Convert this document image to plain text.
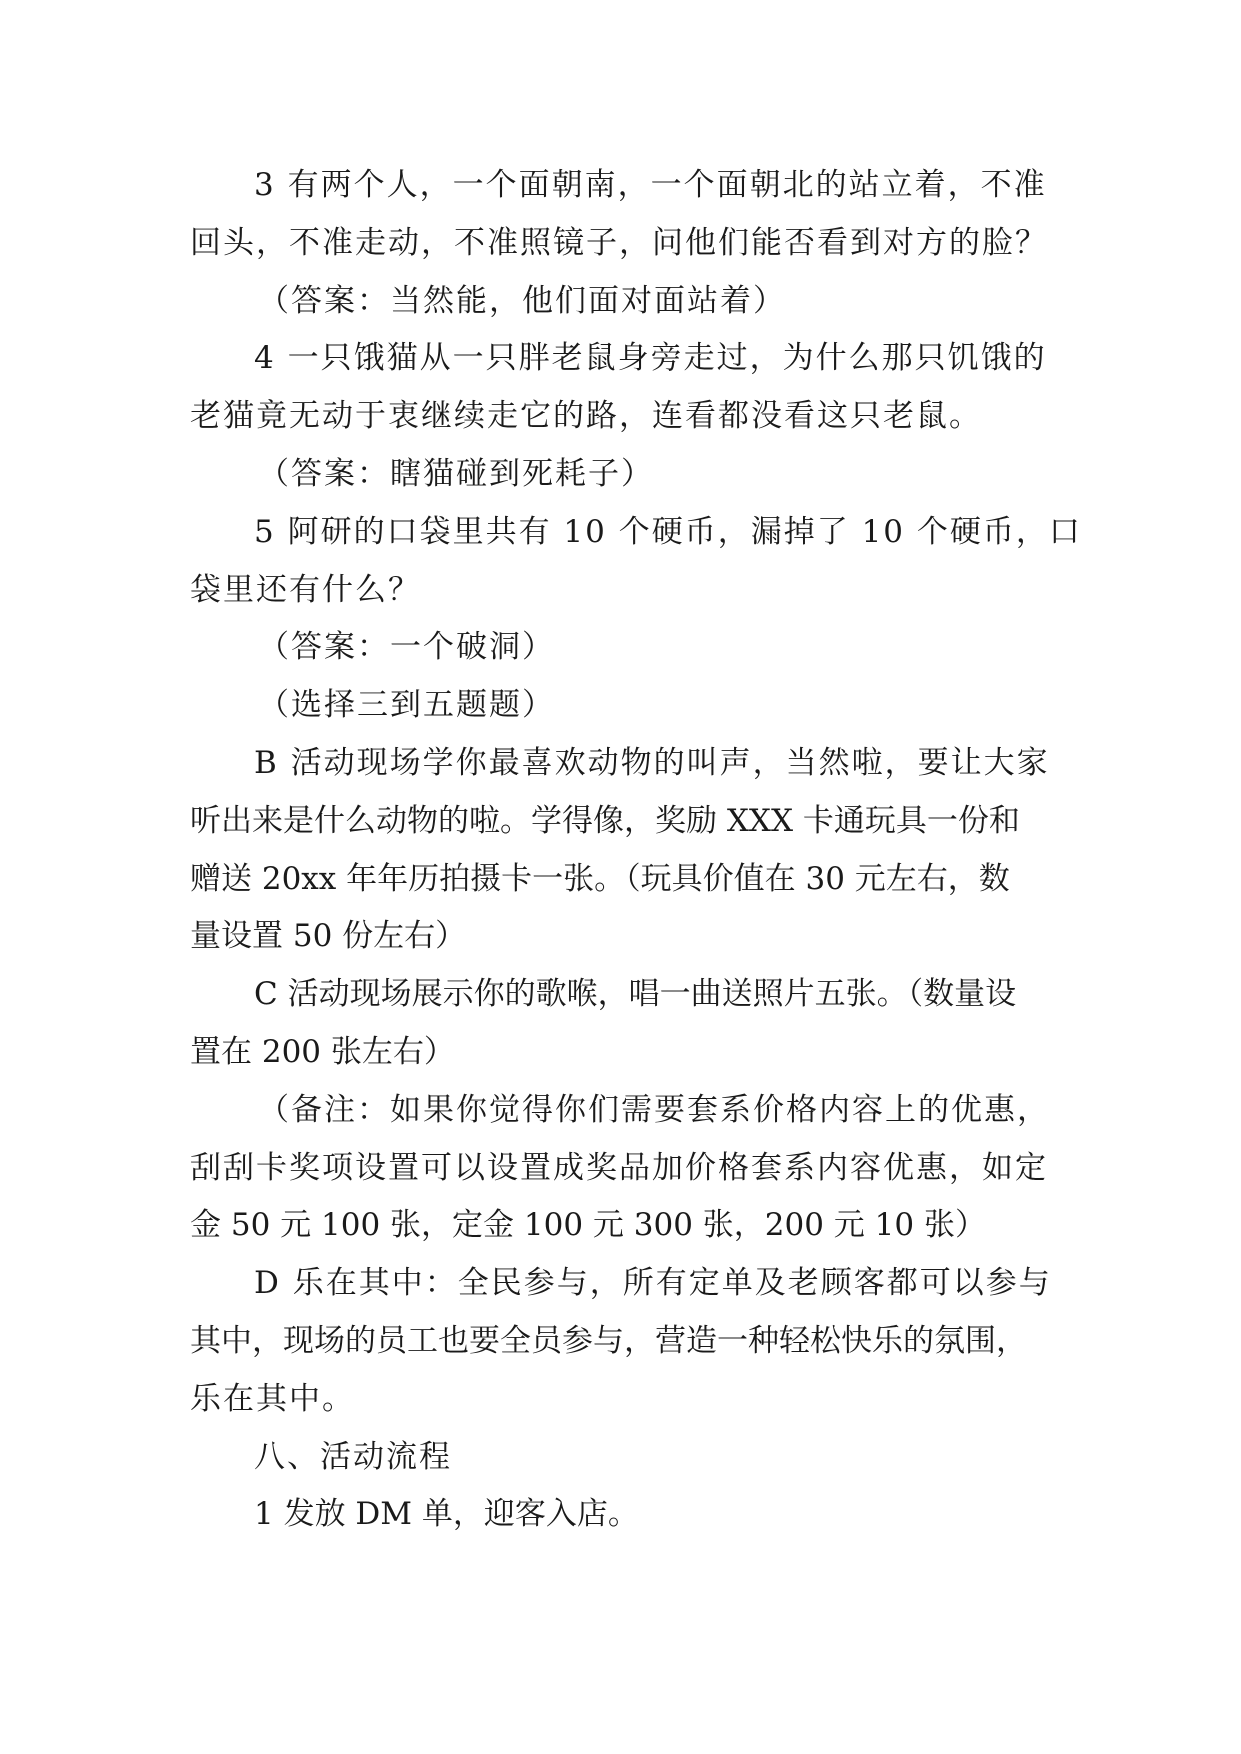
3 有两个人，一个面朝南，一个面朝北的站立着，不准
回头，不准走动，不准照镜子，问他们能否看到对方的脸？
（答案：当然能，他们面对面站着）
4 一只饿猫从一只胖老鼠身旁走过，为什么那只饥饿的
老猫竟无动于衷继续走它的路，连看都没看这只老鼠。
（答案：瞎猫碰到死耗子）
5 阿研的口袋里共有 10 个硬币，漏掉了 10 个硬币，口
袋里还有什么？
（答案：一个破洞）
（选择三到五题题）
B 活动现场学你最喜欢动物的叫声，当然啦，要让大家
听出来是什么动物的啦。学得像，奖励 XXX 卡通玩具一份和
赠送 20xx 年年历拍摄卡一张。（玩具价值在 30 元左右，数
量设置 50 份左右）
C 活动现场展示你的歌喉，唱一曲送照片五张。（数量设
置在 200 张左右）
（备注：如果你觉得你们需要套系价格内容上的优惠，
刮刮卡奖项设置可以设置成奖品加价格套系内容优惠，如定
金 50 元 100 张，定金 100 元 300 张，200 元 10 张）
D 乐在其中：全民参与，所有定单及老顾客都可以参与
其中，现场的员工也要全员参与，营造一种轻松快乐的氛围，
乐在其中。
八、活动流程
1 发放 DM 单，迎客入店。
